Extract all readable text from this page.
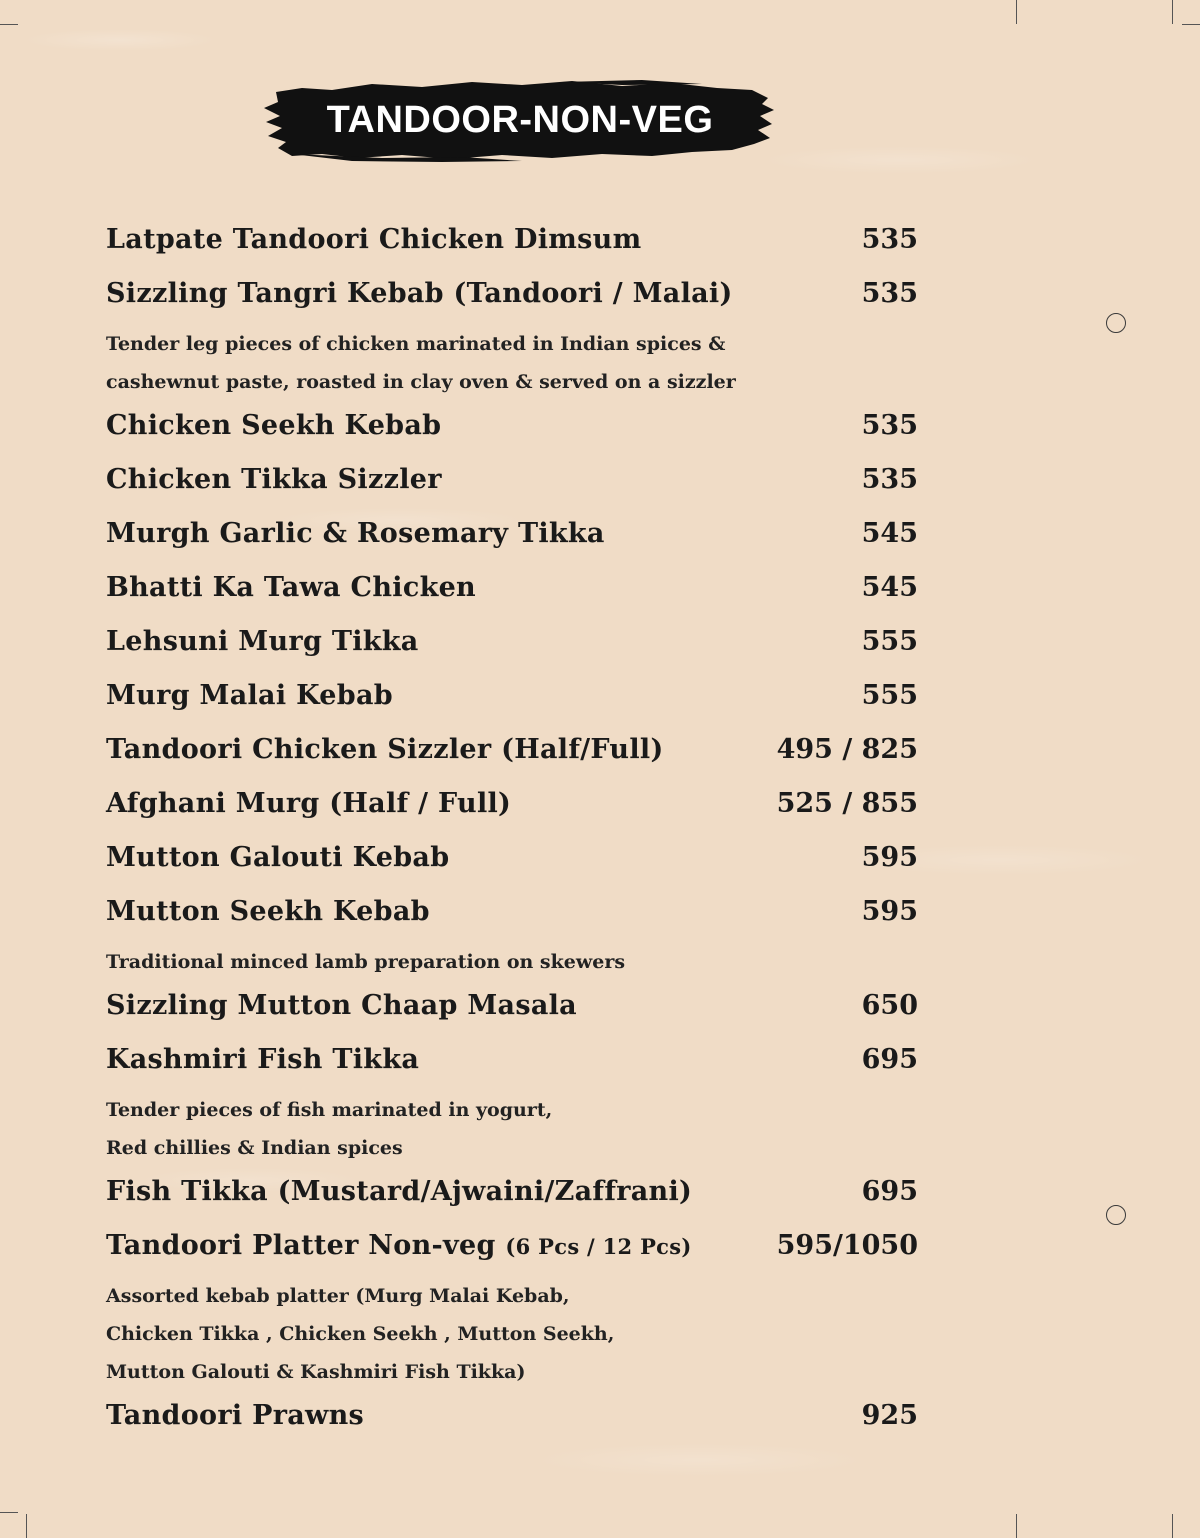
TANDOOR-NON-VEG
Latpate Tandoori Chicken Dimsum	535
Sizzling Tangri Kebab (Tandoori / Malai)	535
Tender leg pieces of chicken marinated in Indian spices &
cashewnut paste, roasted in clay oven & served on a sizzler
Chicken Seekh Kebab	535
Chicken Tikka Sizzler	535
Murgh Garlic & Rosemary Tikka	545
Bhatti Ka Tawa Chicken	545
Lehsuni Murg Tikka	555
Murg Malai Kebab	555
Tandoori Chicken Sizzler (Half/Full)	495 / 825
Afghani Murg (Half / Full)	525 / 855
Mutton Galouti Kebab	595
Mutton Seekh Kebab	595
Traditional minced lamb preparation on skewers
Sizzling Mutton Chaap Masala	650
Kashmiri Fish Tikka	695
Tender pieces of fish marinated in yogurt,
Red chillies & Indian spices
Fish Tikka (Mustard/Ajwaini/Zaffrani)	695
Tandoori Platter Non-veg (6 Pcs / 12 Pcs)	595/1050
Assorted kebab platter (Murg Malai Kebab,
Chicken Tikka , Chicken Seekh , Mutton Seekh,
Mutton Galouti & Kashmiri Fish Tikka)
Tandoori Prawns	925
